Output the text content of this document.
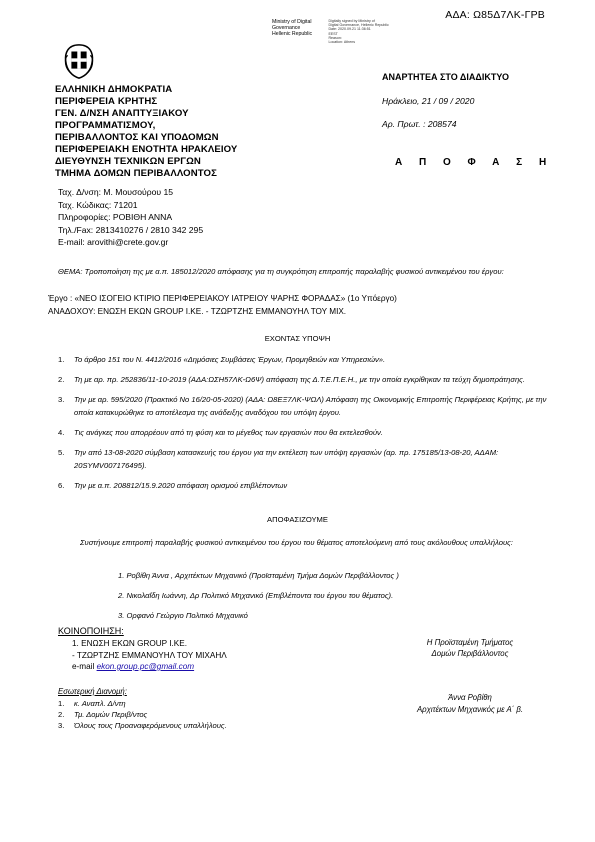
ΑΔΑ: Ω85Δ7ΛΚ-ΓΡΒ
Ministry of Digital
Governance
Hellenic Republic

Digitally signed by Ministry of
Digital Governance, Hellenic Republic
Date: 2020.09.21 11:36:51
EEST
Reason:
Location: Athens
ΕΛΛΗΝΙΚΗ ΔΗΜΟΚΡΑΤΙΑ
ΠΕΡΙΦΕΡΕΙΑ ΚΡΗΤΗΣ
ΓΕΝ. Δ/ΝΣΗ ΑΝΑΠΤΥΞΙΑΚΟΥ
ΠΡΟΓΡΑΜΜΑΤΙΣΜΟΥ,
ΠΕΡΙΒΑΛΛΟΝΤΟΣ ΚΑΙ ΥΠΟΔΟΜΩΝ
ΠΕΡΙΦΕΡΕΙΑΚΗ ΕΝΟΤΗΤΑ ΗΡΑΚΛΕΙΟΥ
ΔΙΕΥΘΥΝΣΗ ΤΕΧΝΙΚΩΝ ΕΡΓΩΝ
ΤΜΗΜΑ ΔΟΜΩΝ ΠΕΡΙΒΑΛΛΟΝΤΟΣ
Ταχ. Δ/νση: Μ. Μουσούρου 15
Ταχ. Κώδικας: 71201
Πληροφορίες: ΡΟΒΙΘΗ ΑΝΝΑ
Τηλ./Fax: 2813410276 / 2810 342 295
E-mail: arovithi@crete.gov.gr
ΑΝΑΡΤΗΤΕΑ ΣΤΟ ΔΙΑΔΙΚΤΥΟ
Ηράκλειο, 21 / 09 / 2020
Αρ. Πρωτ. : 208574
Α Π Ο Φ Α Σ Η
ΘΕΜΑ: Τροποποίηση της με α.π. 185012/2020 απόφασης για τη συγκρότηση επιτροπής παραλαβής φυσικού αντικειμένου του έργου:
Έργο : «ΝΕΟ ΙΣΟΓΕΙΟ ΚΤΙΡΙΟ ΠΕΡΙΦΕΡΕΙΑΚΟΥ ΙΑΤΡΕΙΟΥ ΨΑΡΗΣ ΦΟΡΑΔΑΣ» (1ο Υπόεργο)
ΑΝΑΔΟΧΟΥ: ΕΝΩΣΗ ΕΚΩΝ GROUP I.KE. - ΤΖΩΡΤΖΗΣ ΕΜΜΑΝΟΥΗΛ ΤΟΥ ΜΙΧ.
ΕΧΟΝΤΑΣ ΥΠΟΨΗ
1.	Το άρθρο 151 του Ν. 4412/2016 «Δημόσιες Συμβάσεις Έργων, Προμηθειών και Υπηρεσιών».
2.	Τη με αρ. πρ. 252836/11-10-2019 (ΑΔΑ:ΩΣΗ57ΛΚ-Ω6Ψ) απόφαση της Δ.Τ.Ε.Π.Ε.Η., με την οποία εγκρίθηκαν τα τεύχη δημοπράτησης.
3.	Την με αρ. 595/2020 (Πρακτικό Νο 16/20-05-2020) (ΑΔΑ: Ω8ΕΞ7ΛΚ-ΨΩΛ) Απόφαση της Οικονομικής Επιτροπής Περιφέρειας Κρήτης, με την οποία κατακυρώθηκε το αποτέλεσμα της ανάδειξης αναδόχου του υπόψη έργου.
4.	Τις ανάγκες που απορρέουν από τη φύση και το μέγεθος των εργασιών που θα εκτελεσθούν.
5.	Την από 13-08-2020 σύμβαση κατασκευής του έργου για την εκτέλεση των υπόψη εργασιών (αρ. πρ. 175185/13-08-20, ΑΔΑΜ: 20SYMV007176495).
6.	Την με α.π. 208812/15.9.2020 απόφαση ορισμού επιβλέποντων
ΑΠΟΦΑΣΙΖΟΥΜΕ
Συστήνουμε επιτροπή παραλαβής φυσικού αντικειμένου του έργου του θέματος αποτελούμενη από τους ακόλουθους υπαλλήλους:
1. Ροβίθη Άννα , Αρχιτέκτων Μηχανικό (Προϊσταμένη Τμήμα Δομών Περιβάλλοντος )
2. Νικολαΐδη Ιωάννη, Δρ Πολιτικό Μηχανικό (Επιβλέποντα του έργου του θέματος).
3. Ορφανό Γεώργιο Πολιτικό Μηχανικό
ΚΟΙΝΟΠΟΙΗΣΗ:
1. ΕΝΩΣΗ ΕΚΩΝ GROUP I.KE.
- ΤΖΩΡΤΖΗΣ ΕΜΜΑΝΟΥΗΛ ΤΟΥ ΜΙΧΑΗΛ
e-mail ekon.group.pc@gmail.com
Η Προϊσταμένη Τμήματος
Δομών Περιβάλλοντος
Άννα Ροβίθη
Αρχιτέκτων Μηχανικός με Α΄ β.
Εσωτερική Διανομή:
1. κ. Αναπλ. Δ/ντη
2. Τμ. Δομών Περιβ/ντος
3. Όλους τους Προαναφερόμενους υπαλλήλους.
